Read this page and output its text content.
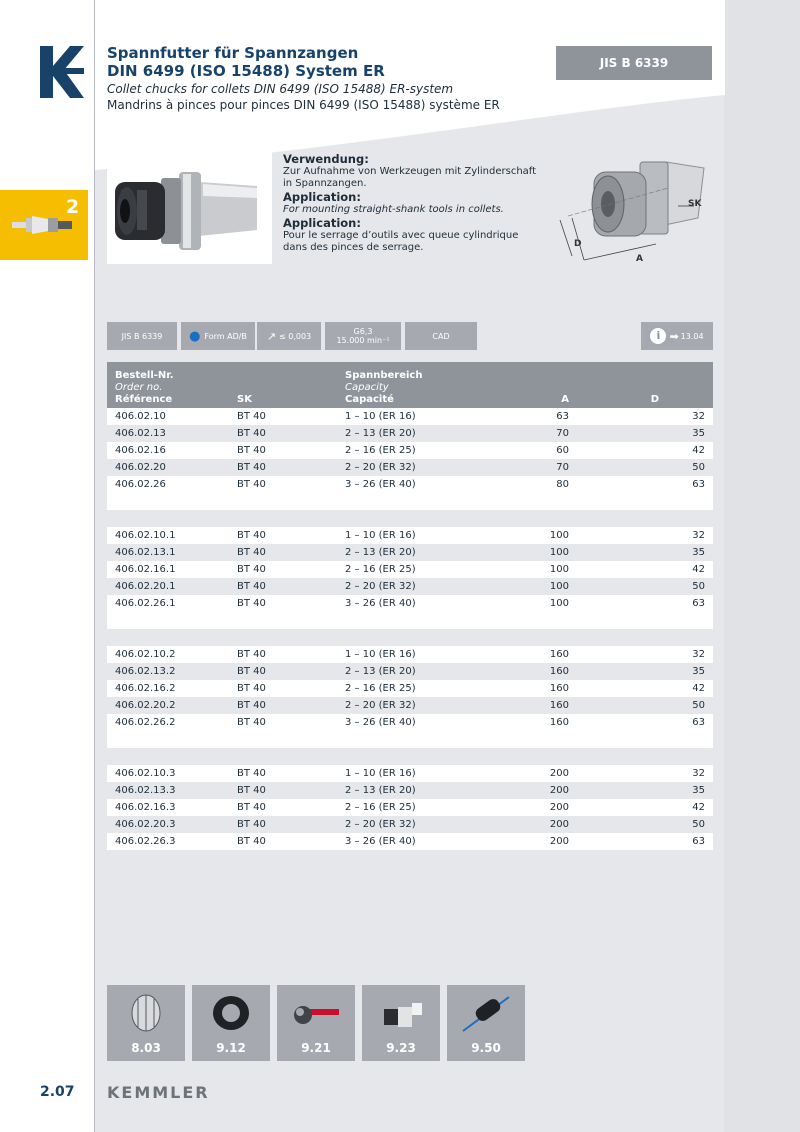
Spannfutter für Spannzangen
DIN 6499 (ISO 15488) System ER
Collet chucks for collets DIN 6499 (ISO 15488) ER-system
Mandrins à pinces pour pinces DIN 6499 (ISO 15488) système ER
JIS B 6339
2
Verwendung:
Zur Aufnahme von Werkzeugen mit Zylinderschaft in Spannzangen.
Application:
For mounting straight-shank tools in collets.
Application:
Pour le serrage d’outils avec queue cylindrique dans des pinces de serrage.	D
A
SK
JIS B 6339 ● Form AD/B ↗ ≤ 0,003	G6,3
15.000 min⁻¹	CAD	i ➡ 13.04
Bestell-Nr.
Order no.
Référence	SK	Spannbereich
Capacity
Capacité	A	D

406.02.10	BT 40	1 – 10 (ER 16)	63	32
406.02.13	BT 40	2 – 13 (ER 20)	70	35
406.02.16	BT 40	2 – 16 (ER 25)	60	42
406.02.20	BT 40	2 – 20 (ER 32)	70	50
406.02.26	BT 40	3 – 26 (ER 40)	80	63

406.02.10.1	BT 40	1 – 10 (ER 16)	100	32
406.02.13.1	BT 40	2 – 13 (ER 20)	100	35
406.02.16.1	BT 40	2 – 16 (ER 25)	100	42
406.02.20.1	BT 40	2 – 20 (ER 32)	100	50
406.02.26.1	BT 40	3 – 26 (ER 40)	100	63

406.02.10.2	BT 40	1 – 10 (ER 16)	160	32
406.02.13.2	BT 40	2 – 13 (ER 20)	160	35
406.02.16.2	BT 40	2 – 16 (ER 25)	160	42
406.02.20.2	BT 40	2 – 20 (ER 32)	160	50
406.02.26.2	BT 40	3 – 26 (ER 40)	160	63

406.02.10.3	BT 40	1 – 10 (ER 16)	200	32
406.02.13.3	BT 40	2 – 13 (ER 20)	200	35
406.02.16.3	BT 40	2 – 16 (ER 25)	200	42
406.02.20.3	BT 40	2 – 20 (ER 32)	200	50
406.02.26.3	BT 40	3 – 26 (ER 40)	200	63
8.03	9.12	9.21	9.23	9.50
2.07 KEMMLER
